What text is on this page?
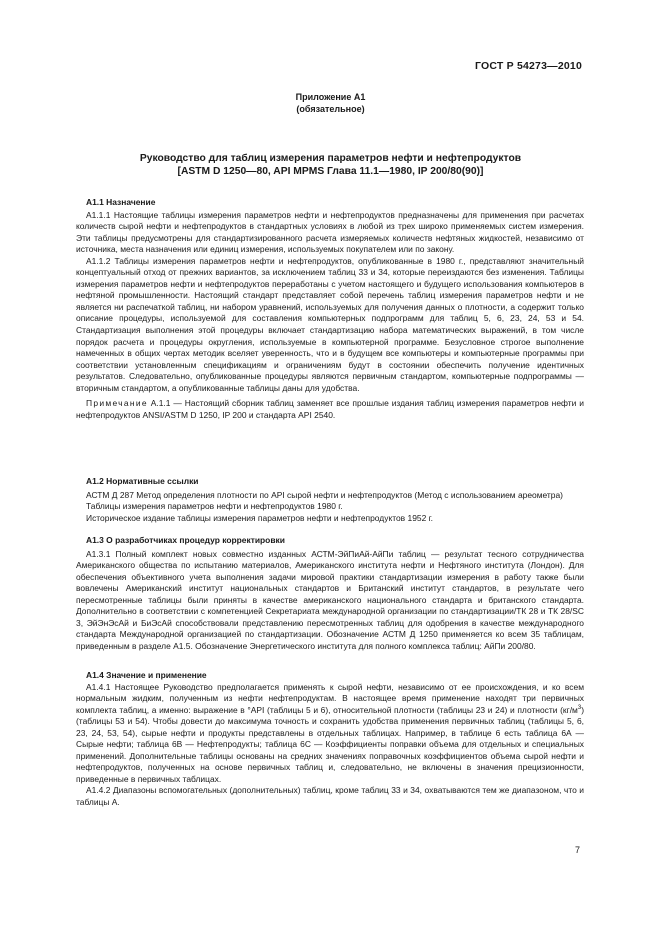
ГОСТ Р 54273—2010
Приложение А1
(обязательное)
Руководство для таблиц измерения параметров нефти и нефтепродуктов
[ASTM D 1250—80, API MPMS Глава 11.1—1980, IP 200/80(90)]

А1.1 Назначение

А1.1.1 Настоящие таблицы измерения параметров нефти и нефтепродуктов предназначены для применения при расчетах количеств сырой нефти и нефтепродуктов в стандартных условиях в любой из трех широко применяемых систем измерения. Эти таблицы предусмотрены для стандартизированного расчета измеряемых количеств нефтяных жидкостей, независимо от источника, места назначения или единиц измерения, используемых покупателем или по закону.

А1.1.2 Таблицы измерения параметров нефти и нефтепродуктов, опубликованные в 1980 г., представляют значительный концептуальный отход от прежних вариантов, за исключением таблиц 33 и 34, которые переиздаются без изменения. Таблицы измерения параметров нефти и нефтепродуктов переработаны с учетом настоящего и будущего использования компьютеров в нефтяной промышленности. Настоящий стандарт представляет собой перечень таблиц измерения параметров нефти и не является ни распечаткой таблиц, ни набором уравнений, используемых для получения данных о плотности, а содержит только описание процедуры, используемой для составления компьютерных подпрограмм для таблиц 5, 6, 23, 24, 53 и 54. Стандартизация выполнения этой процедуры включает стандартизацию набора математических выражений, в том числе порядок расчета и процедуры округления, используемые в компьютерной программе. Безусловное строгое выполнение намеченных в общих чертах методик вселяет уверенность, что и в будущем все компьютеры и компьютерные программы при соответствии установленным спецификациям и ограничениям будут в состоянии обеспечить получение идентичных результатов. Следовательно, опубликованные процедуры являются первичным стандартом, компьютерные подпрограммы — вторичным стандартом, а опубликованные таблицы даны для удобства.

Примечание А.1.1 — Настоящий сборник таблиц заменяет все прошлые издания таблиц измерения параметров нефти и нефтепродуктов ANSI/ASTM D 1250, IP 200 и стандарта API 2540.

А1.2 Нормативные ссылки

АСТМ Д 287 Метод определения плотности по API сырой нефти и нефтепродуктов (Метод с использованием ареометра)

Таблицы измерения параметров нефти и нефтепродуктов 1980 г.

Историческое издание таблицы измерения параметров нефти и нефтепродуктов 1952 г.

А1.3 О разработчиках процедур корректировки

А1.3.1 Полный комплект новых совместно изданных АСТМ-ЭйПиАй-АйПи таблиц — результат тесного сотрудничества Американского общества по испытанию материалов, Американского института нефти и Нефтяного института (Лондон). Для обеспечения объективного учета выполнения задачи мировой практики стандартизации измерения в работу также были вовлечены Американский институт национальных стандартов и Британский институт стандартов, в результате чего пересмотренные таблицы были приняты в качестве американского национального стандарта и британского стандарта. Дополнительно в соответствии с компетенцией Секретариата международной организации по стандартизации/ТК 28 и ТК 28/SC 3, ЭйЭнЭсАй и БиЭсАй способствовали представлению пересмотренных таблиц для одобрения в качестве международного стандарта Международной организацией по стандартизации. Обозначение АСТМ Д 1250 применяется ко всем 35 таблицам, приведенным в разделе А1.5. Обозначение Энергетического института для полного комплекса таблиц: АйПи 200/80.

А1.4 Значение и применение

А1.4.1 Настоящее Руководство предполагается применять к сырой нефти, независимо от ее происхождения, и ко всем нормальным жидким, полученным из нефти нефтепродуктам. В настоящее время применение находят три первичных комплекта таблиц, а именно: выражение в °API (таблицы 5 и 6), относительной плотности (таблицы 23 и 24) и плотности $(кг/м^3)$ (таблицы 53 и 54). Чтобы довести до максимума точность и сохранить удобства применения первичных таблиц (таблицы 5, 6, 23, 24, 53, 54), сырые нефти и продукты представлены в отдельных таблицах. Например, в таблице 6 есть таблица 6А — Сырые нефти; таблица 6В — Нефтепродукты; таблица 6С — Коэффициенты поправки объема для отдельных и специальных применений. Дополнительные таблицы основаны на средних значениях поправочных коэффициентов объема сырой нефти и нефтепродуктов, полученных на основе первичных таблиц и, следовательно, не включены в значения прецизионности, приведенные в первичных таблицах.

А1.4.2 Диапазоны вспомогательных (дополнительных) таблиц, кроме таблиц 33 и 34, охватываются тем же диапазоном, что и таблицы А.

7
